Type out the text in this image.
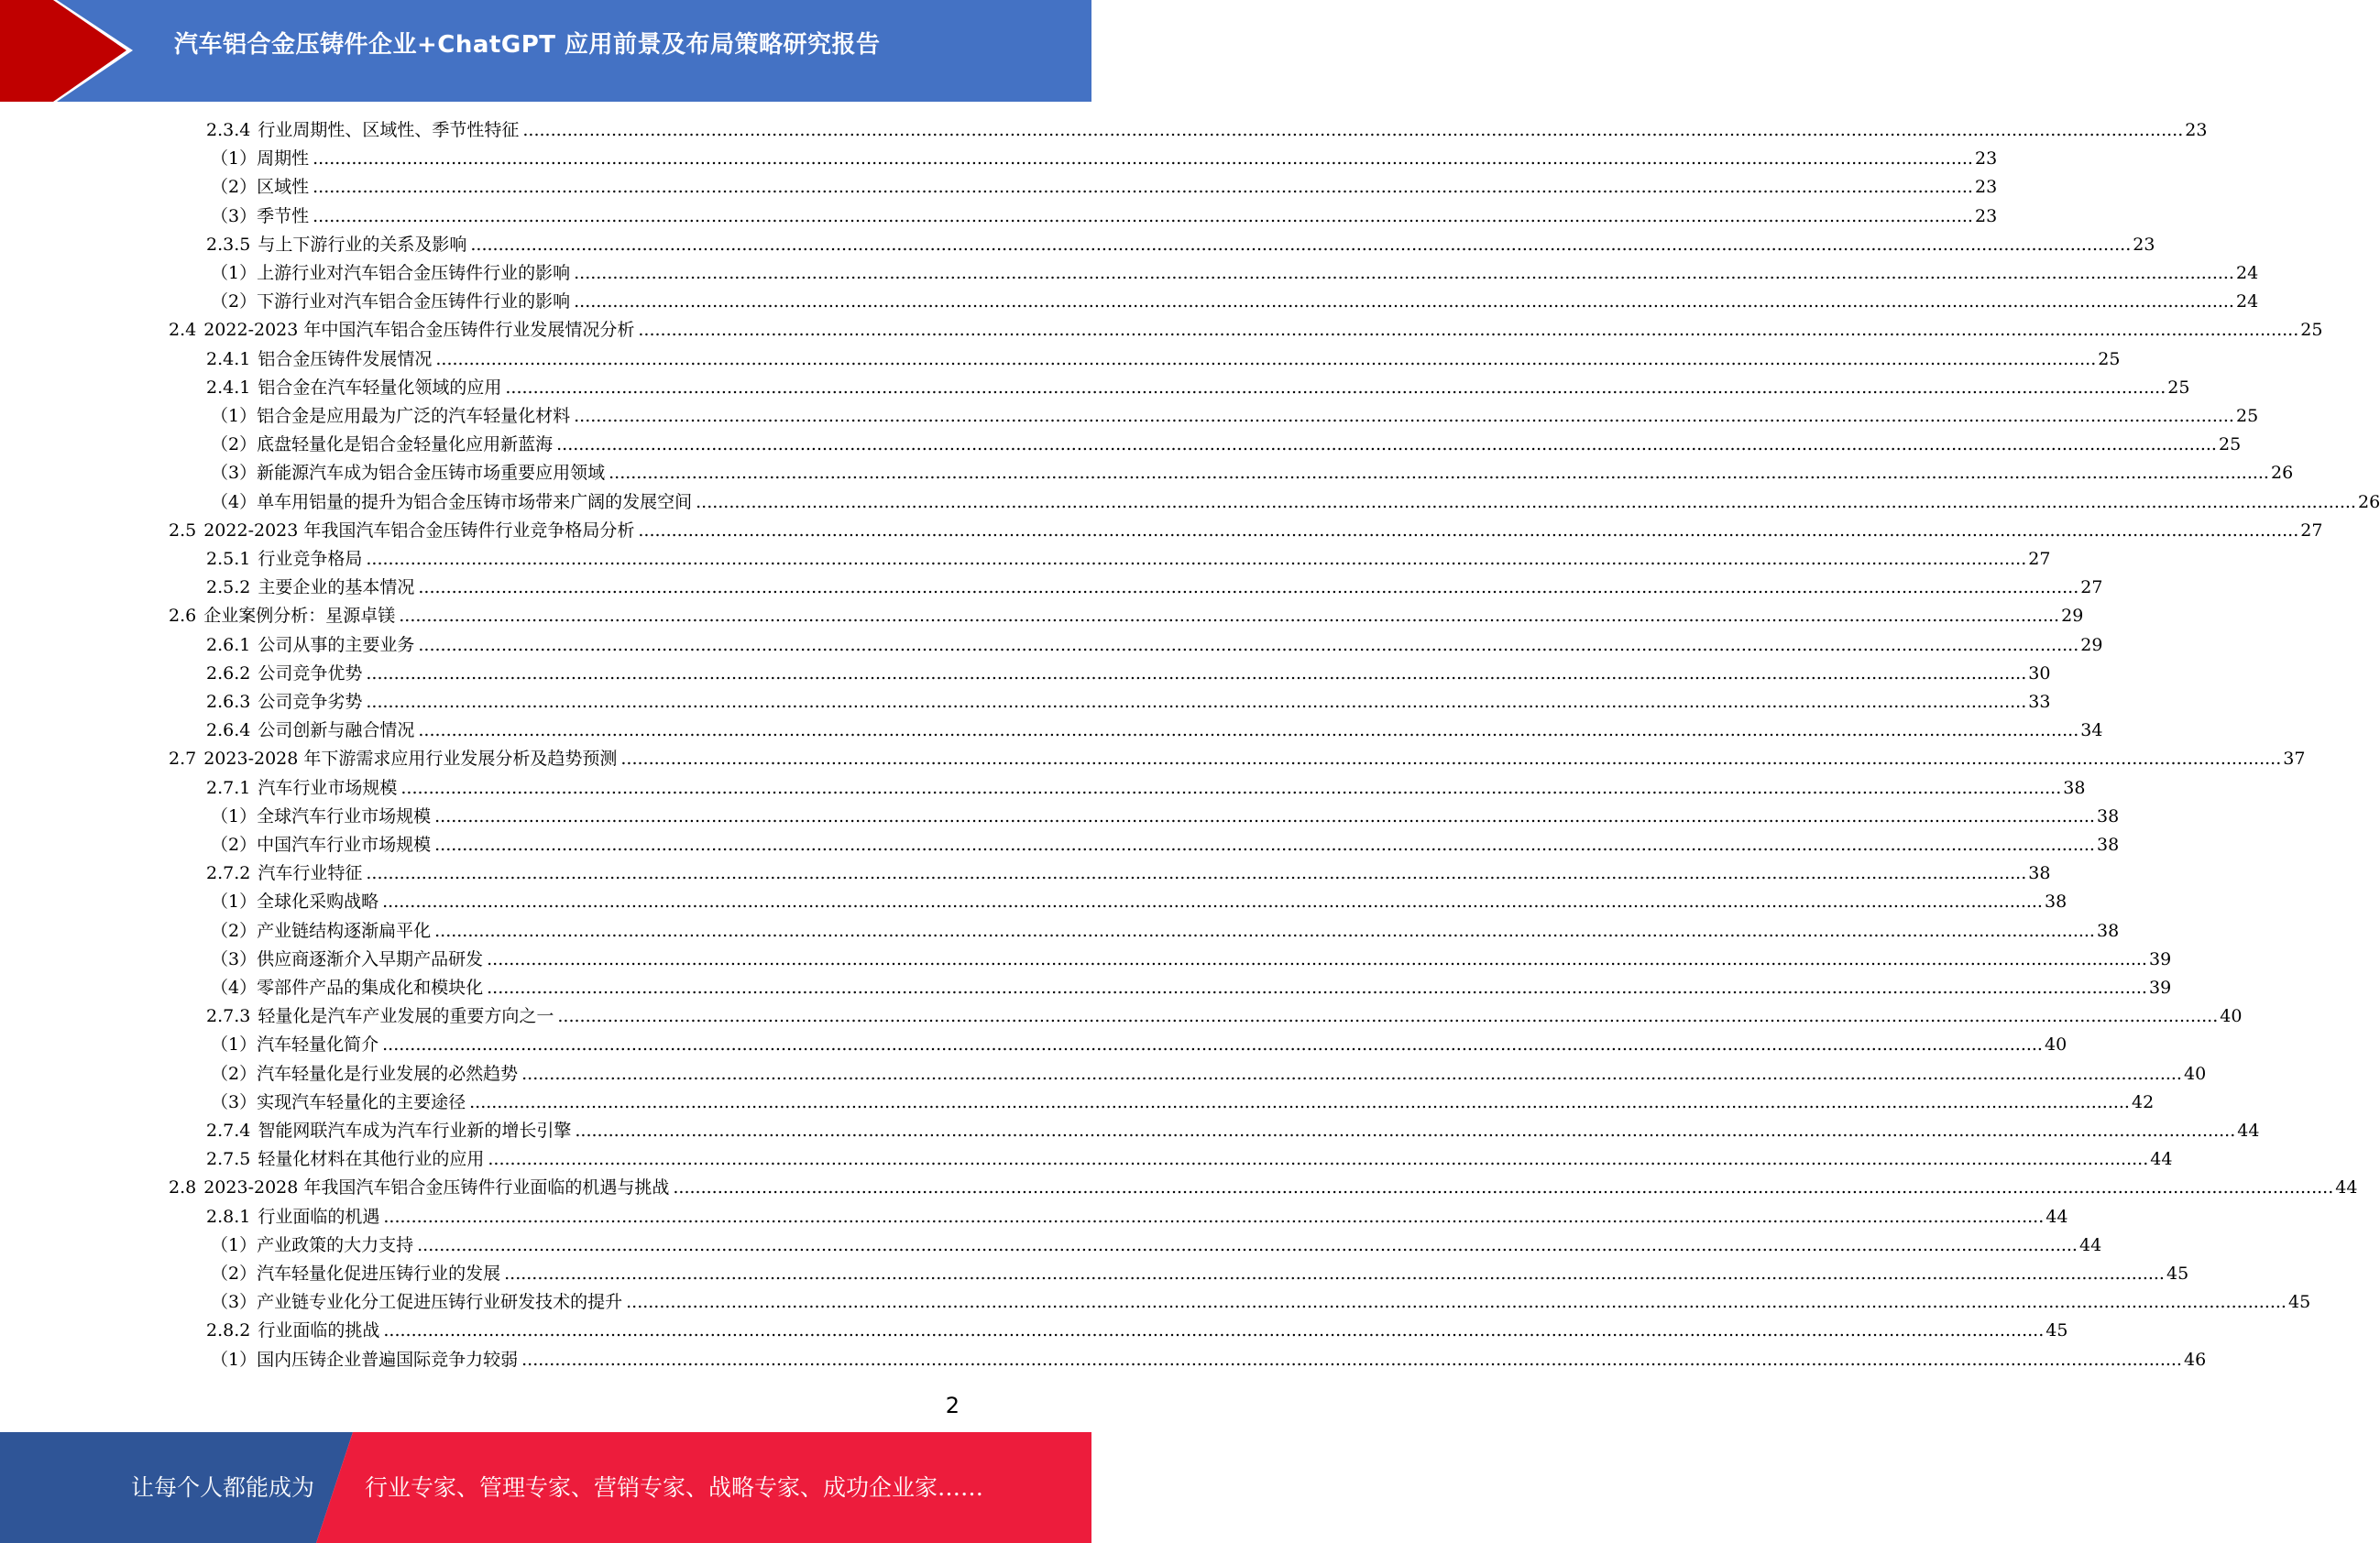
汽车铝合金压铸件企业+ChatGPT 应用前景及布局策略研究报告
2.3.4 行业周期性、区域性、季节性特征 ............................................................................................................................................................................................................................................................................................................ 23
（1） 周期性 ............................................................................................................................................................................................................................................................................................................ 23
（2） 区域性 ............................................................................................................................................................................................................................................................................................................ 23
（3） 季节性 ............................................................................................................................................................................................................................................................................................................ 23
2.3.5 与上下游行业的关系及影响 ............................................................................................................................................................................................................................................................................................................ 23
（1） 上游行业对汽车铝合金压铸件行业的影响 ............................................................................................................................................................................................................................................................................................................ 24
（2） 下游行业对汽车铝合金压铸件行业的影响 ............................................................................................................................................................................................................................................................................................................ 24
2.4 2022-2023 年中国汽车铝合金压铸件行业发展情况分析 ............................................................................................................................................................................................................................................................................................................ 25
2.4.1 铝合金压铸件发展情况 ............................................................................................................................................................................................................................................................................................................ 25
2.4.1 铝合金在汽车轻量化领域的应用 ............................................................................................................................................................................................................................................................................................................ 25
（1） 铝合金是应用最为广泛的汽车轻量化材料 ............................................................................................................................................................................................................................................................................................................ 25
（2） 底盘轻量化是铝合金轻量化应用新蓝海 ............................................................................................................................................................................................................................................................................................................ 25
（3） 新能源汽车成为铝合金压铸市场重要应用领域 ............................................................................................................................................................................................................................................................................................................ 26
（4） 单车用铝量的提升为铝合金压铸市场带来广阔的发展空间 ............................................................................................................................................................................................................................................................................................................ 26
2.5 2022-2023 年我国汽车铝合金压铸件行业竞争格局分析 ............................................................................................................................................................................................................................................................................................................ 27
2.5.1 行业竞争格局 ............................................................................................................................................................................................................................................................................................................ 27
2.5.2 主要企业的基本情况 ............................................................................................................................................................................................................................................................................................................ 27
2.6 企业案例分析：星源卓镁 ............................................................................................................................................................................................................................................................................................................ 29
2.6.1 公司从事的主要业务 ............................................................................................................................................................................................................................................................................................................ 29
2.6.2 公司竞争优势 ............................................................................................................................................................................................................................................................................................................ 30
2.6.3 公司竞争劣势 ............................................................................................................................................................................................................................................................................................................ 33
2.6.4 公司创新与融合情况 ............................................................................................................................................................................................................................................................................................................ 34
2.7 2023-2028 年下游需求应用行业发展分析及趋势预测 ............................................................................................................................................................................................................................................................................................................ 37
2.7.1 汽车行业市场规模 ............................................................................................................................................................................................................................................................................................................ 38
（1） 全球汽车行业市场规模 ............................................................................................................................................................................................................................................................................................................ 38
（2） 中国汽车行业市场规模 ............................................................................................................................................................................................................................................................................................................ 38
2.7.2 汽车行业特征 ............................................................................................................................................................................................................................................................................................................ 38
（1） 全球化采购战略 ............................................................................................................................................................................................................................................................................................................ 38
（2） 产业链结构逐渐扁平化 ............................................................................................................................................................................................................................................................................................................ 38
（3） 供应商逐渐介入早期产品研发 ............................................................................................................................................................................................................................................................................................................ 39
（4） 零部件产品的集成化和模块化 ............................................................................................................................................................................................................................................................................................................ 39
2.7.3 轻量化是汽车产业发展的重要方向之一 ............................................................................................................................................................................................................................................................................................................ 40
（1） 汽车轻量化简介 ............................................................................................................................................................................................................................................................................................................ 40
（2） 汽车轻量化是行业发展的必然趋势 ............................................................................................................................................................................................................................................................................................................ 40
（3） 实现汽车轻量化的主要途径 ............................................................................................................................................................................................................................................................................................................ 42
2.7.4 智能网联汽车成为汽车行业新的增长引擎 ............................................................................................................................................................................................................................................................................................................ 44
2.7.5 轻量化材料在其他行业的应用 ............................................................................................................................................................................................................................................................................................................ 44
2.8 2023-2028 年我国汽车铝合金压铸件行业面临的机遇与挑战 ............................................................................................................................................................................................................................................................................................................ 44
2.8.1 行业面临的机遇 ............................................................................................................................................................................................................................................................................................................ 44
（1） 产业政策的大力支持 ............................................................................................................................................................................................................................................................................................................ 44
（2） 汽车轻量化促进压铸行业的发展 ............................................................................................................................................................................................................................................................................................................ 45
（3） 产业链专业化分工促进压铸行业研发技术的提升 ............................................................................................................................................................................................................................................................................................................ 45
2.8.2 行业面临的挑战 ............................................................................................................................................................................................................................................................................................................ 45
（1） 国内压铸企业普遍国际竞争力较弱 ............................................................................................................................................................................................................................................................................................................ 46
2
让每个人都能成为 行业专家、管理专家、营销专家、战略专家、成功企业家……
